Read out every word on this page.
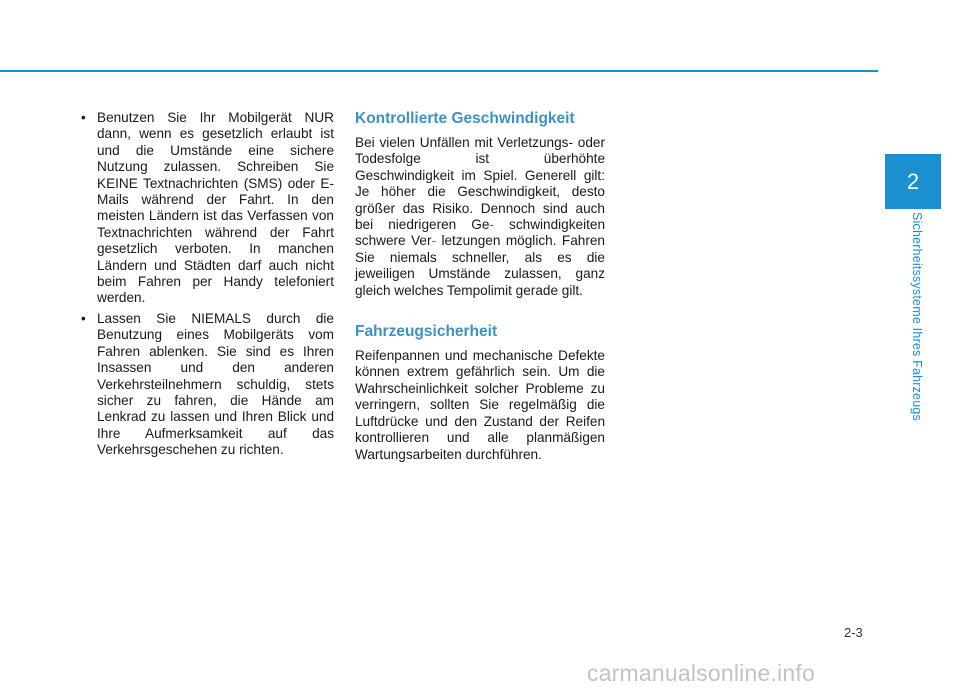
• Benutzen Sie Ihr Mobilgerät NUR dann, wenn es gesetzlich erlaubt ist und die Umstände eine sichere Nutzung zulassen. Schreiben Sie KEINE Textnachrichten (SMS) oder E-Mails während der Fahrt. In den meisten Ländern ist das Verfassen von Textnachrichten während der Fahrt gesetzlich verboten. In manchen Ländern und Städten darf auch nicht beim Fahren per Handy telefoniert werden.

• Lassen Sie NIEMALS durch die Benutzung eines Mobilgeräts vom Fahren ablenken. Sie sind es Ihren Insassen und den anderen Verkehrsteilnehmern schuldig, stets sicher zu fahren, die Hände am Lenkrad zu lassen und Ihren Blick und Ihre Aufmerksamkeit auf das Verkehrsgeschehen zu richten.

Kontrollierte Geschwindigkeit

Bei vielen Unfällen mit Verletzungs- oder Todesfolge ist überhöhte Geschwindigkeit im Spiel. Generell gilt: Je höher die Geschwindigkeit, desto größer das Risiko. Dennoch sind auch bei niedrigeren Ge- schwindigkeiten schwere Ver- letzungen möglich. Fahren Sie niemals schneller, als es die jeweiligen Umstände zulassen, ganz gleich welches Tempolimit gerade gilt.

Fahrzeugsicherheit

Reifenpannen und mechanische Defekte können extrem gefährlich sein. Um die Wahrscheinlichkeit solcher Probleme zu verringern, sollten Sie regelmäßig die Luftdrücke und den Zustand der Reifen kontrollieren und alle planmäßigen Wartungsarbeiten durchführen.

2
Sicherheitssysteme Ihres Fahrzeugs
2-3
carmanualsonline.info
